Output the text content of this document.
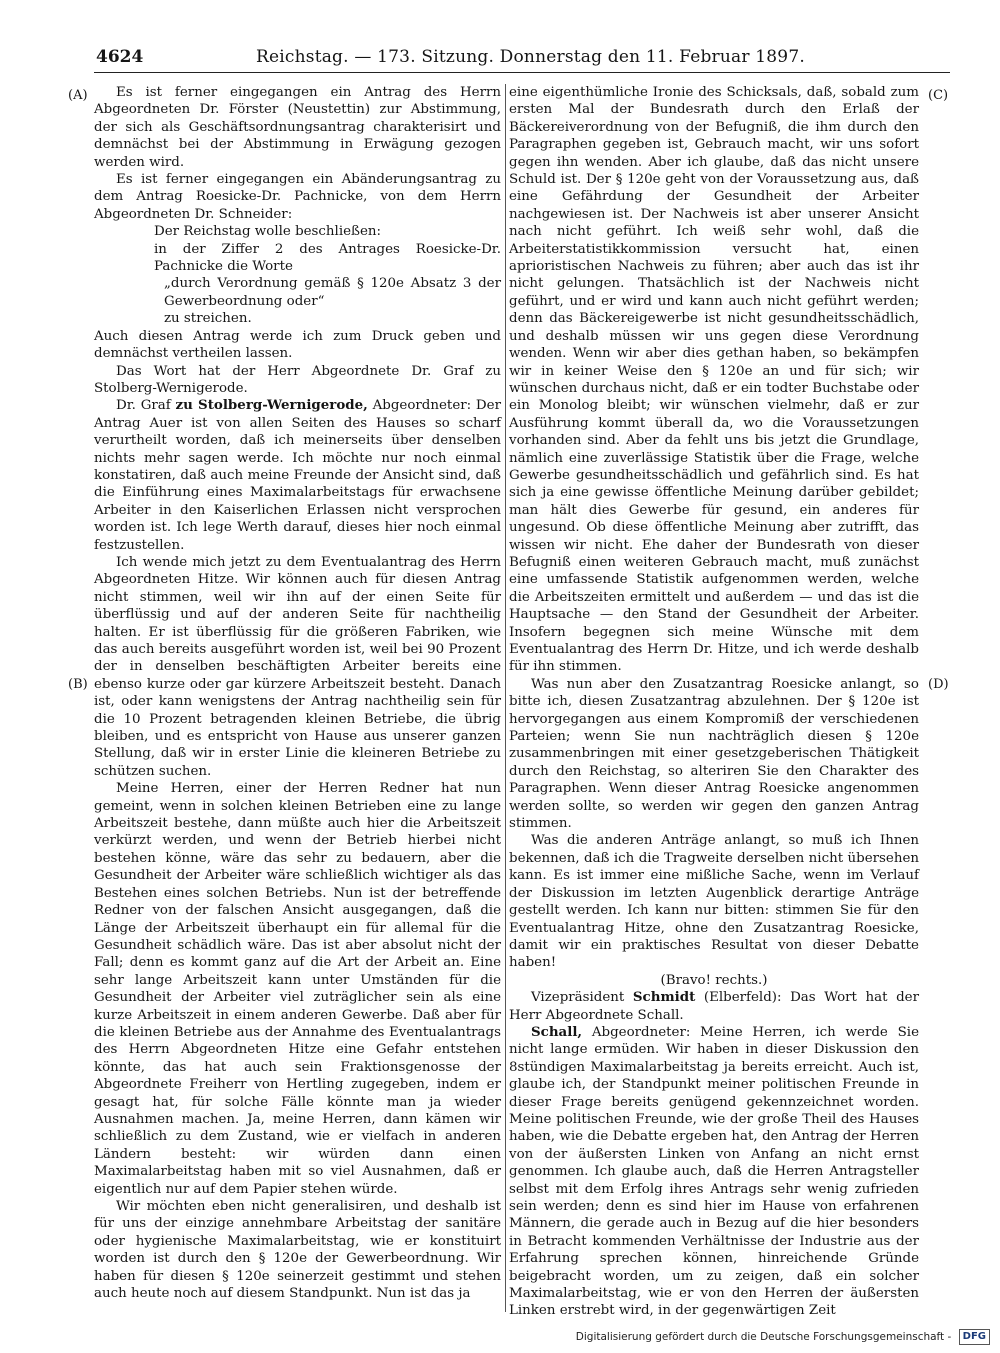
4624	Reichstag. — 173. Sitzung. Donnerstag den 11. Februar 1897.
(A)
(B)
(C)
(D)

Es ist ferner eingegangen ein Antrag des Herrn Abgeordneten Dr. Förster (Neustettin) zur Abstimmung, der sich als Geschäftsordnungsantrag charakterisirt und demnächst bei der Abstimmung in Erwägung gezogen werden wird.

Es ist ferner eingegangen ein Abänderungsantrag zu dem Antrag Roesicke-Dr. Pachnicke, von dem Herrn Abgeordneten Dr. Schneider:

Der Reichstag wolle beschließen:

in der Ziffer 2 des Antrages Roesicke-Dr. Pachnicke die Worte

„durch Verordnung gemäß § 120e Absatz 3 der Gewerbeordnung oder“

zu streichen.

Auch diesen Antrag werde ich zum Druck geben und demnächst vertheilen lassen.

Das Wort hat der Herr Abgeordnete Dr. Graf zu Stolberg-Wernigerode.

Dr. Graf zu Stolberg-Wernigerode, Abgeordneter: Der Antrag Auer ist von allen Seiten des Hauses so scharf verurtheilt worden, daß ich meinerseits über denselben nichts mehr sagen werde. Ich möchte nur noch einmal konstatiren, daß auch meine Freunde der Ansicht sind, daß die Einführung eines Maximalarbeitstags für erwachsene Arbeiter in den Kaiserlichen Erlassen nicht versprochen worden ist. Ich lege Werth darauf, dieses hier noch einmal festzustellen.

Ich wende mich jetzt zu dem Eventualantrag des Herrn Abgeordneten Hitze. Wir können auch für diesen Antrag nicht stimmen, weil wir ihn auf der einen Seite für überflüssig und auf der anderen Seite für nachtheilig halten. Er ist überflüssig für die größeren Fabriken, wie das auch bereits ausgeführt worden ist, weil bei 90 Prozent der in denselben beschäftigten Arbeiter bereits eine ebenso kurze oder gar kürzere Arbeitszeit besteht. Danach ist, oder kann wenigstens der Antrag nachtheilig sein für die 10 Prozent betragenden kleinen Betriebe, die übrig bleiben, und es entspricht von Hause aus unserer ganzen Stellung, daß wir in erster Linie die kleineren Betriebe zu schützen suchen.

Meine Herren, einer der Herren Redner hat nun gemeint, wenn in solchen kleinen Betrieben eine zu lange Arbeitszeit bestehe, dann müßte auch hier die Arbeitszeit verkürzt werden, und wenn der Betrieb hierbei nicht bestehen könne, wäre das sehr zu bedauern, aber die Gesundheit der Arbeiter wäre schließlich wichtiger als das Bestehen eines solchen Betriebs. Nun ist der betreffende Redner von der falschen Ansicht ausgegangen, daß die Länge der Arbeitszeit überhaupt ein für allemal für die Gesundheit schädlich wäre. Das ist aber absolut nicht der Fall; denn es kommt ganz auf die Art der Arbeit an. Eine sehr lange Arbeitszeit kann unter Umständen für die Gesundheit der Arbeiter viel zuträglicher sein als eine kurze Arbeitszeit in einem anderen Gewerbe. Daß aber für die kleinen Betriebe aus der Annahme des Eventualantrags des Herrn Abgeordneten Hitze eine Gefahr entstehen könnte, das hat auch sein Fraktionsgenosse der Abgeordnete Freiherr von Hertling zugegeben, indem er gesagt hat, für solche Fälle könnte man ja wieder Ausnahmen machen. Ja, meine Herren, dann kämen wir schließlich zu dem Zustand, wie er vielfach in anderen Ländern besteht: wir würden dann einen Maximalarbeitstag haben mit so viel Ausnahmen, daß er eigentlich nur auf dem Papier stehen würde.

Wir möchten eben nicht generalisiren, und deshalb ist für uns der einzige annehmbare Arbeitstag der sanitäre oder hygienische Maximalarbeitstag, wie er konstituirt worden ist durch den § 120e der Gewerbeordnung. Wir haben für diesen § 120e seinerzeit gestimmt und stehen auch heute noch auf diesem Standpunkt. Nun ist das ja

eine eigenthümliche Ironie des Schicksals, daß, sobald zum ersten Mal der Bundesrath durch den Erlaß der Bäckereiverordnung von der Befugniß, die ihm durch den Paragraphen gegeben ist, Gebrauch macht, wir uns sofort gegen ihn wenden. Aber ich glaube, daß das nicht unsere Schuld ist. Der § 120e geht von der Voraussetzung aus, daß eine Gefährdung der Gesundheit der Arbeiter nachgewiesen ist. Der Nachweis ist aber unserer Ansicht nach nicht geführt. Ich weiß sehr wohl, daß die Arbeiterstatistikkommission versucht hat, einen aprioristischen Nachweis zu führen; aber auch das ist ihr nicht gelungen. Thatsächlich ist der Nachweis nicht geführt, und er wird und kann auch nicht geführt werden; denn das Bäckereigewerbe ist nicht gesundheitsschädlich, und deshalb müssen wir uns gegen diese Verordnung wenden. Wenn wir aber dies gethan haben, so bekämpfen wir in keiner Weise den § 120e an und für sich; wir wünschen durchaus nicht, daß er ein todter Buchstabe oder ein Monolog bleibt; wir wünschen vielmehr, daß er zur Ausführung kommt überall da, wo die Voraussetzungen vorhanden sind. Aber da fehlt uns bis jetzt die Grundlage, nämlich eine zuverlässige Statistik über die Frage, welche Gewerbe gesundheitsschädlich und gefährlich sind. Es hat sich ja eine gewisse öffentliche Meinung darüber gebildet; man hält dies Gewerbe für gesund, ein anderes für ungesund. Ob diese öffentliche Meinung aber zutrifft, das wissen wir nicht. Ehe daher der Bundesrath von dieser Befugniß einen weiteren Gebrauch macht, muß zunächst eine umfassende Statistik aufgenommen werden, welche die Arbeitszeiten ermittelt und außerdem — und das ist die Hauptsache — den Stand der Gesundheit der Arbeiter. Insofern begegnen sich meine Wünsche mit dem Eventualantrag des Herrn Dr. Hitze, und ich werde deshalb für ihn stimmen.

Was nun aber den Zusatzantrag Roesicke anlangt, so bitte ich, diesen Zusatzantrag abzulehnen. Der § 120e ist hervorgegangen aus einem Kompromiß der verschiedenen Parteien; wenn Sie nun nachträglich diesen § 120e zusammenbringen mit einer gesetzgeberischen Thätigkeit durch den Reichstag, so alteriren Sie den Charakter des Paragraphen. Wenn dieser Antrag Roesicke angenommen werden sollte, so werden wir gegen den ganzen Antrag stimmen.

Was die anderen Anträge anlangt, so muß ich Ihnen bekennen, daß ich die Tragweite derselben nicht übersehen kann. Es ist immer eine mißliche Sache, wenn im Verlauf der Diskussion im letzten Augenblick derartige Anträge gestellt werden. Ich kann nur bitten: stimmen Sie für den Eventualantrag Hitze, ohne den Zusatzantrag Roesicke, damit wir ein praktisches Resultat von dieser Debatte haben!

(Bravo! rechts.)

Vizepräsident Schmidt (Elberfeld): Das Wort hat der Herr Abgeordnete Schall.

Schall, Abgeordneter: Meine Herren, ich werde Sie nicht lange ermüden. Wir haben in dieser Diskussion den 8stündigen Maximalarbeitstag ja bereits erreicht. Auch ist, glaube ich, der Standpunkt meiner politischen Freunde in dieser Frage bereits genügend gekennzeichnet worden. Meine politischen Freunde, wie der große Theil des Hauses haben, wie die Debatte ergeben hat, den Antrag der Herren von der äußersten Linken von Anfang an nicht ernst genommen. Ich glaube auch, daß die Herren Antragsteller selbst mit dem Erfolg ihres Antrags sehr wenig zufrieden sein werden; denn es sind hier im Hause von erfahrenen Männern, die gerade auch in Bezug auf die hier besonders in Betracht kommenden Verhältnisse der Industrie aus der Erfahrung sprechen können, hinreichende Gründe beigebracht worden, um zu zeigen, daß ein solcher Maximalarbeitstag, wie er von den Herren der äußersten Linken erstrebt wird, in der gegenwärtigen Zeit

Digitalisierung gefördert durch die Deutsche Forschungsgemeinschaft - DFG
